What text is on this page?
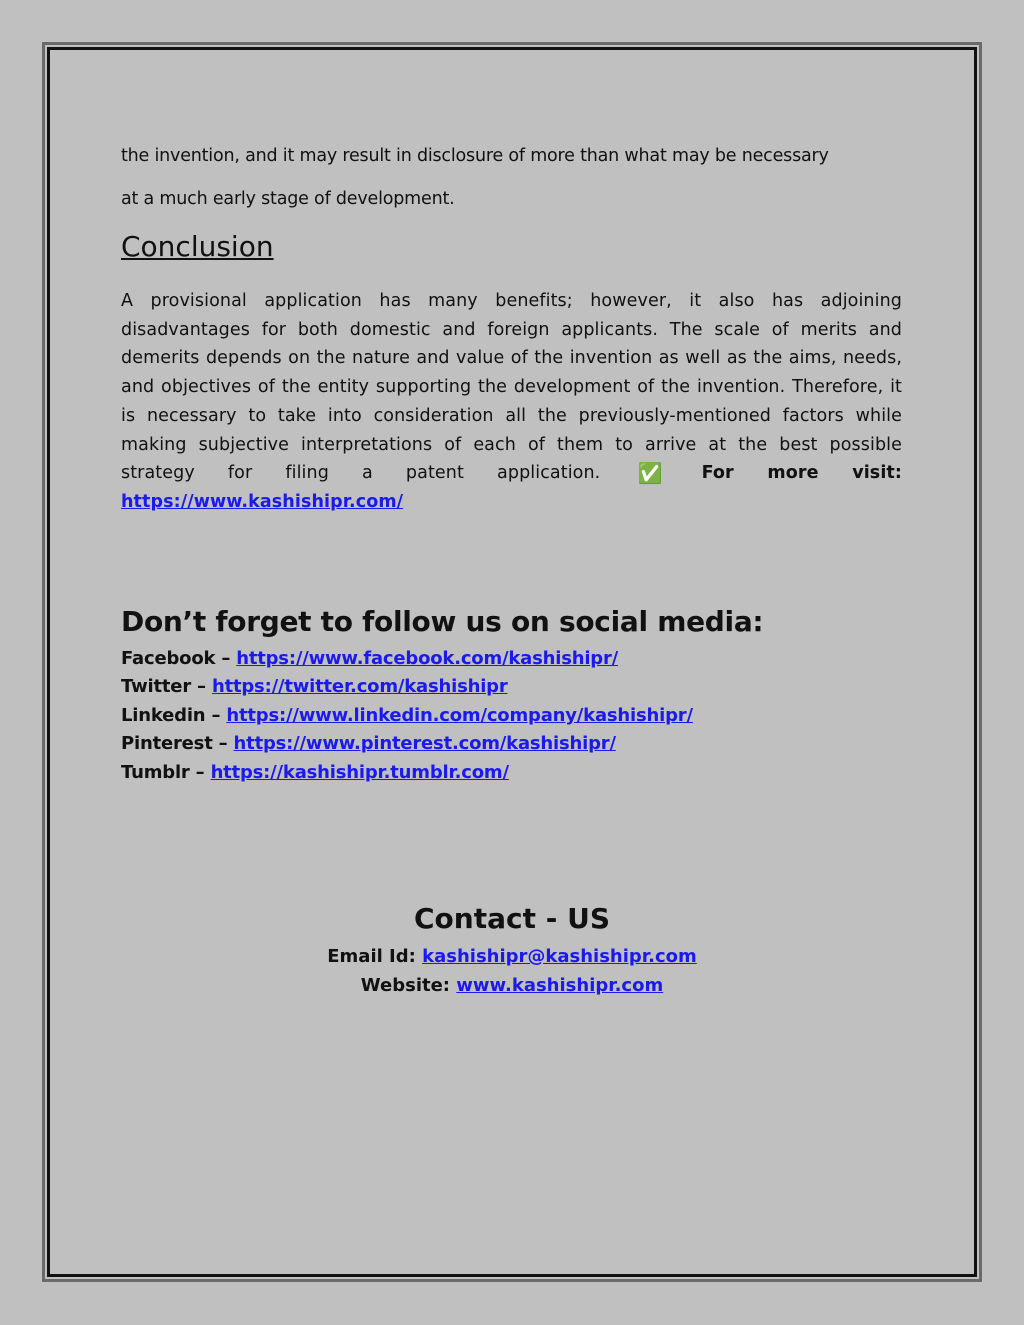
the invention, and it may result in disclosure of more than what may be necessary

at a much early stage of development.

Conclusion

A provisional application has many benefits; however, it also has adjoining disadvantages for both domestic and foreign applicants. The scale of merits and demerits depends on the nature and value of the invention as well as the aims, needs, and objectives of the entity supporting the development of the invention. Therefore, it is necessary to take into consideration all the previously-mentioned factors while making subjective interpretations of each of them to arrive at the best possible strategy for filing a patent application. ✅ For more visit: https://www.kashishipr.com/

Don’t forget to follow us on social media:
Facebook – https://www.facebook.com/kashishipr/
Twitter – https://twitter.com/kashishipr
Linkedin – https://www.linkedin.com/company/kashishipr/
Pinterest – https://www.pinterest.com/kashishipr/
Tumblr – https://kashishipr.tumblr.com/
Contact - US
Email Id: kashishipr@kashishipr.com
Website: www.kashishipr.com
